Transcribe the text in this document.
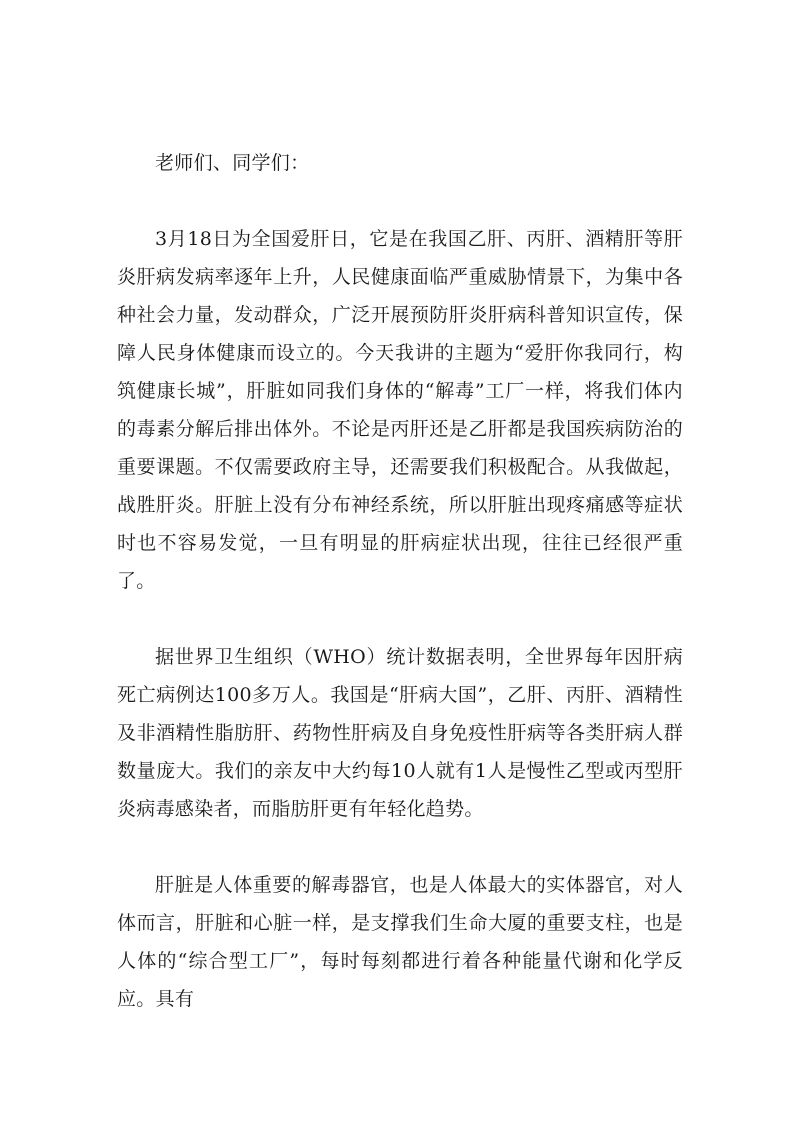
老师们、同学们：

3月18日为全国爱肝日，它是在我国乙肝、丙肝、酒精肝等肝炎肝病发病率逐年上升，人民健康面临严重威胁情景下，为集中各种社会力量，发动群众，广泛开展预防肝炎肝病科普知识宣传，保障人民身体健康而设立的。今天我讲的主题为“爱肝你我同行，构筑健康长城”，肝脏如同我们身体的“解毒”工厂一样，将我们体内的毒素分解后排出体外。不论是丙肝还是乙肝都是我国疾病防治的重要课题。不仅需要政府主导，还需要我们积极配合。从我做起，战胜肝炎。肝脏上没有分布神经系统，所以肝脏出现疼痛感等症状时也不容易发觉，一旦有明显的肝病症状出现，往往已经很严重了。

据世界卫生组织（WHO）统计数据表明，全世界每年因肝病死亡病例达100多万人。我国是“肝病大国”，乙肝、丙肝、酒精性及非酒精性脂肪肝、药物性肝病及自身免疫性肝病等各类肝病人群数量庞大。我们的亲友中大约每10人就有1人是慢性乙型或丙型肝炎病毒感染者，而脂肪肝更有年轻化趋势。

肝脏是人体重要的解毒器官，也是人体最大的实体器官，对人体而言，肝脏和心脏一样，是支撑我们生命大厦的重要支柱，也是人体的“综合型工厂”，每时每刻都进行着各种能量代谢和化学反应。具有
